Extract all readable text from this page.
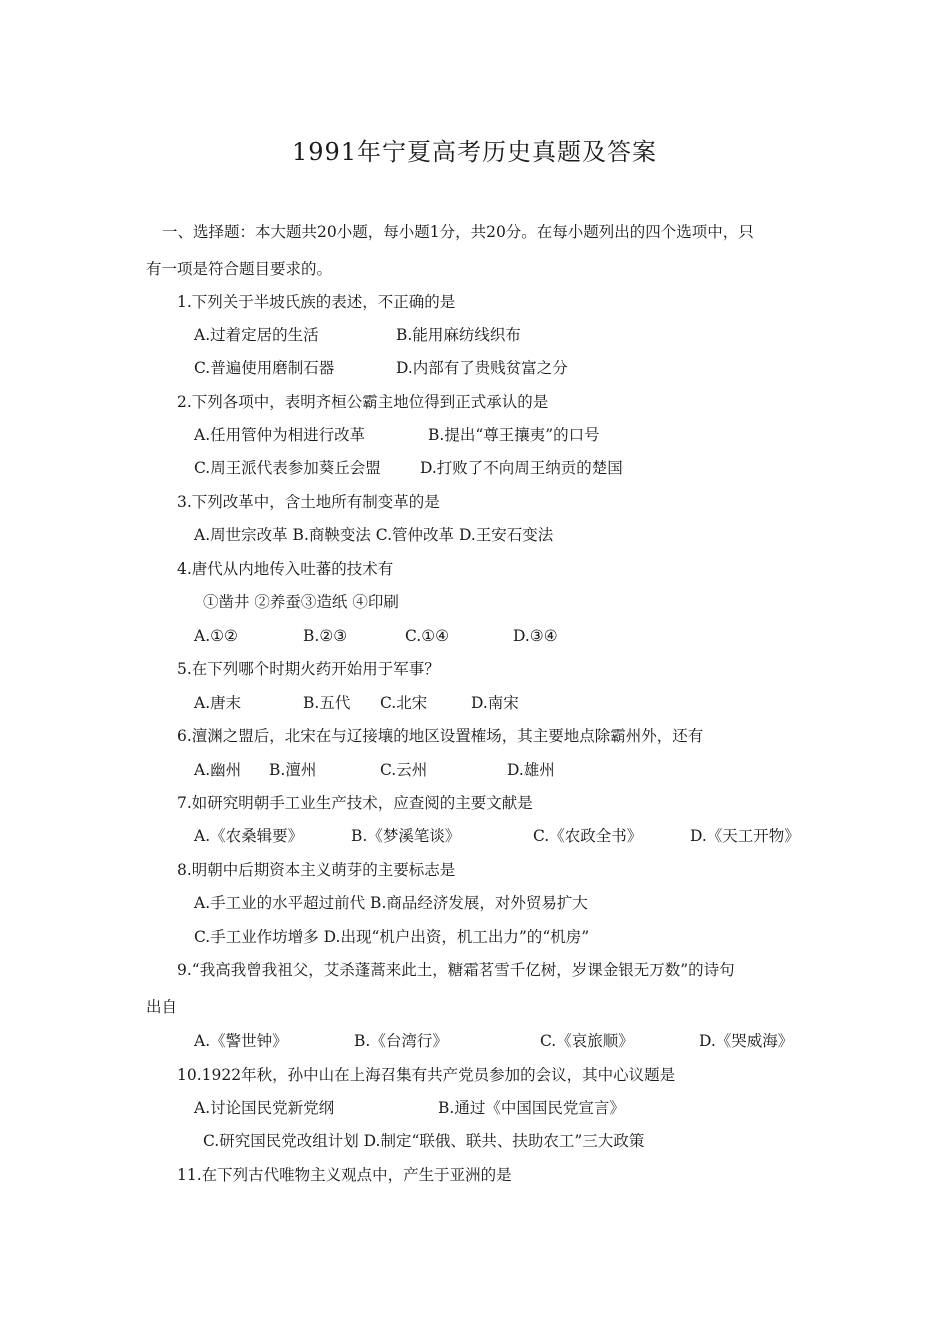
1991年宁夏高考历史真题及答案
一、选择题：本大题共20小题，每小题1分，共20分。在每小题列出的四个选项中，只
有一项是符合题目要求的。
1.下列关于半坡氏族的表述，不正确的是
A.过着定居的生活	B.能用麻纺线织布
C.普遍使用磨制石器	D.内部有了贵贱贫富之分
2.下列各项中，表明齐桓公霸主地位得到正式承认的是
A.任用管仲为相进行改革	B.提出“尊王攘夷”的口号
C.周王派代表参加葵丘会盟	D.打败了不向周王纳贡的楚国
3.下列改革中，含土地所有制变革的是
A.周世宗改革 B.商鞅变法 C.管仲改革 D.王安石变法
4.唐代从内地传入吐蕃的技术有
①凿井 ②养蚕③造纸 ④印刷
A.①②	B.②③	C.①④	D.③④
5.在下列哪个时期火药开始用于军事？
A.唐末	B.五代 C.北宋	D.南宋
6.澶渊之盟后，北宋在与辽接壤的地区设置榷场，其主要地点除霸州外，还有
A.幽州 B.澶州	C.云州	D.雄州
7.如研究明朝手工业生产技术，应查阅的主要文献是
A.《农桑辑要》	B.《梦溪笔谈》	C.《农政全书》	D.《天工开物》
8.明朝中后期资本主义萌芽的主要标志是
A.手工业的水平超过前代 B.商品经济发展，对外贸易扩大
C.手工业作坊增多 D.出现“机户出资，机工出力”的“机房”
9.“我高我曾我祖父，艾杀蓬蒿来此土，糖霜茗雪千亿树，岁课金银无万数”的诗句
出自
A.《警世钟》	B.《台湾行》	C.《哀旅顺》	D.《哭威海》
10.1922年秋，孙中山在上海召集有共产党员参加的会议，其中心议题是
A.讨论国民党新党纲	B.通过《中国国民党宣言》
C.研究国民党改组计划 D.制定“联俄、联共、扶助农工”三大政策
11.在下列古代唯物主义观点中，产生于亚洲的是
